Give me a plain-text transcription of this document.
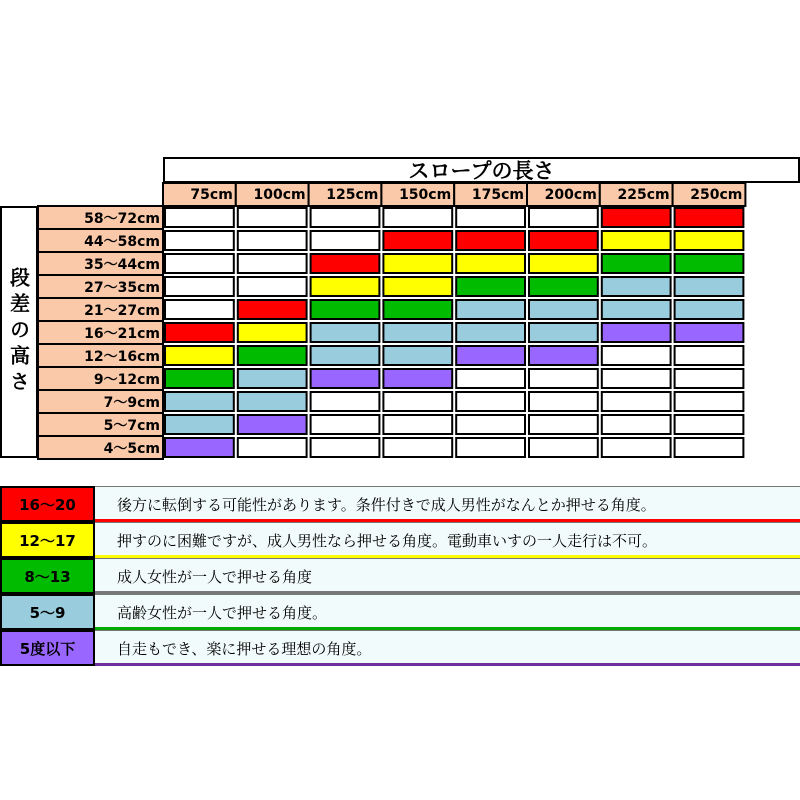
スロープの長さ
段差の高さ
75cm	100cm	125cm	150cm	175cm	200cm	225cm	250cm
58～72cm
44～58cm
35～44cm
27～35cm
21～27cm
16～21cm
12～16cm
9～12cm
7～9cm
5～7cm
4～5cm
16～20	後方に転倒する可能性があります。条件付きで成人男性がなんとか押せる角度。
12～17	押すのに困難ですが、成人男性なら押せる角度。電動車いすの一人走行は不可。
8～13	成人女性が一人で押せる角度
5～9	高齢女性が一人で押せる角度。
5度以下	自走もでき、楽に押せる理想の角度。
